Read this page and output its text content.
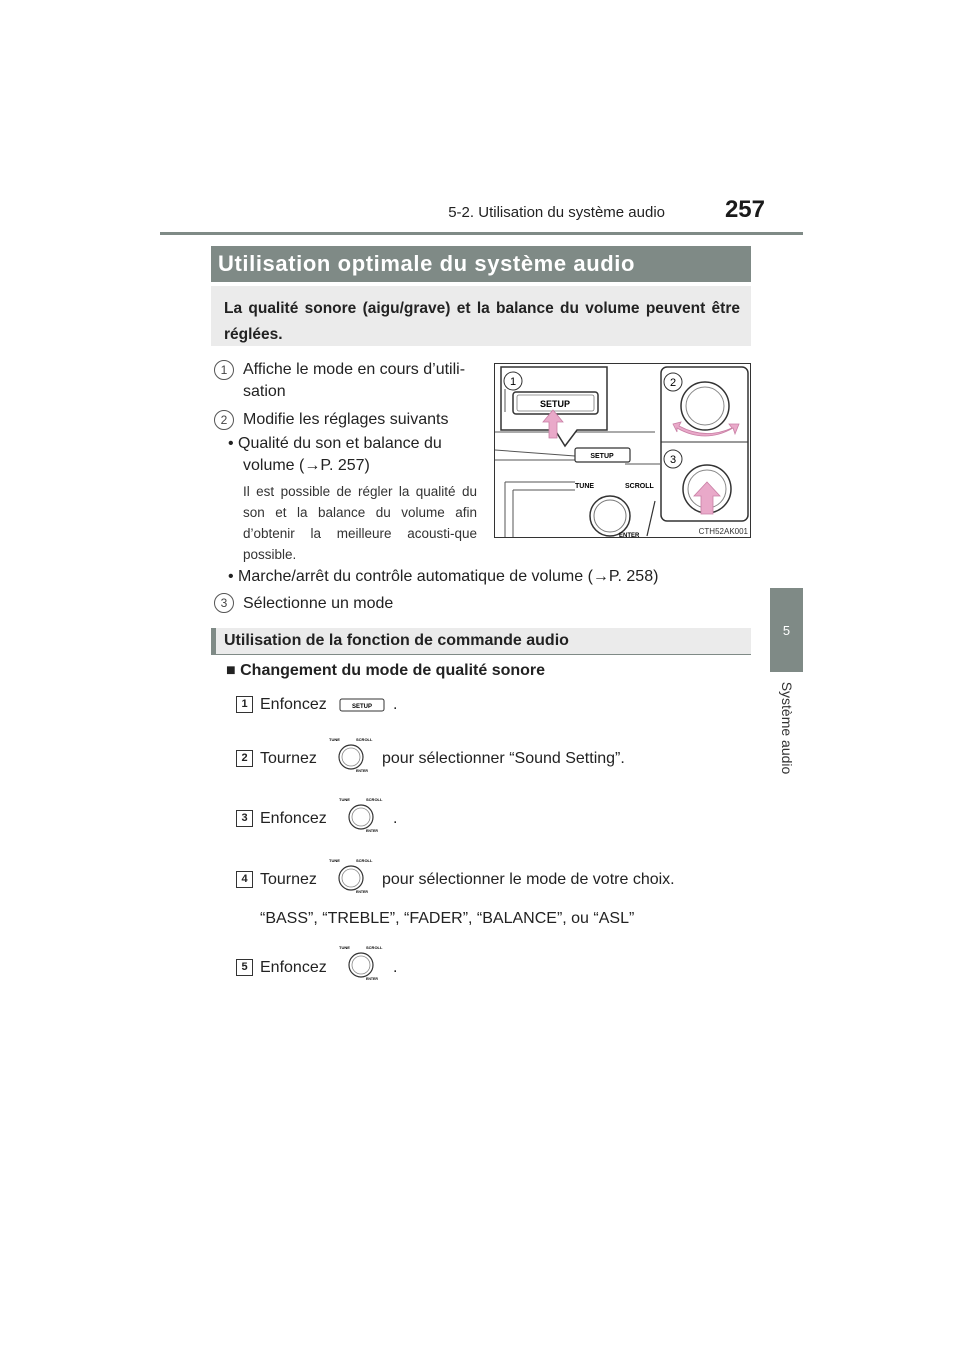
5-2. Utilisation du système audio	257
5
Système audio
Utilisation optimale du système audio
La qualité sonore (aigu/grave) et la balance du volume peuvent être réglées.
1 Affiche le mode en cours d’utili-
sation
2 Modifie les réglages suivants
• Qualité du son et balance du
volume (→P. 257)
Il est possible de régler la qualité du son et la balance du volume afin d’obtenir la meilleure acousti-que possible.
• Marche/arrêt du contrôle automatique de volume (→P. 258)
3 Sélectionne un mode
SETUP
SETUP
1
TUNE	SCROLL
ENTER
2
3
CTH52AK001
Utilisation de la fonction de commande audio
■ Changement du mode de qualité sonore
1 Enfoncez	SETUP .
2 Tournez
TUNE	SCROLL
ENTER
pour sélectionner “Sound Setting”.
3 Enfoncez
TUNE	SCROLL
ENTER
.
4 Tournez
TUNE	SCROLL
ENTER
pour sélectionner le mode de votre choix.
“BASS”, “TREBLE”, “FADER”, “BALANCE”, ou “ASL”
5 Enfoncez
TUNE	SCROLL
ENTER
.
